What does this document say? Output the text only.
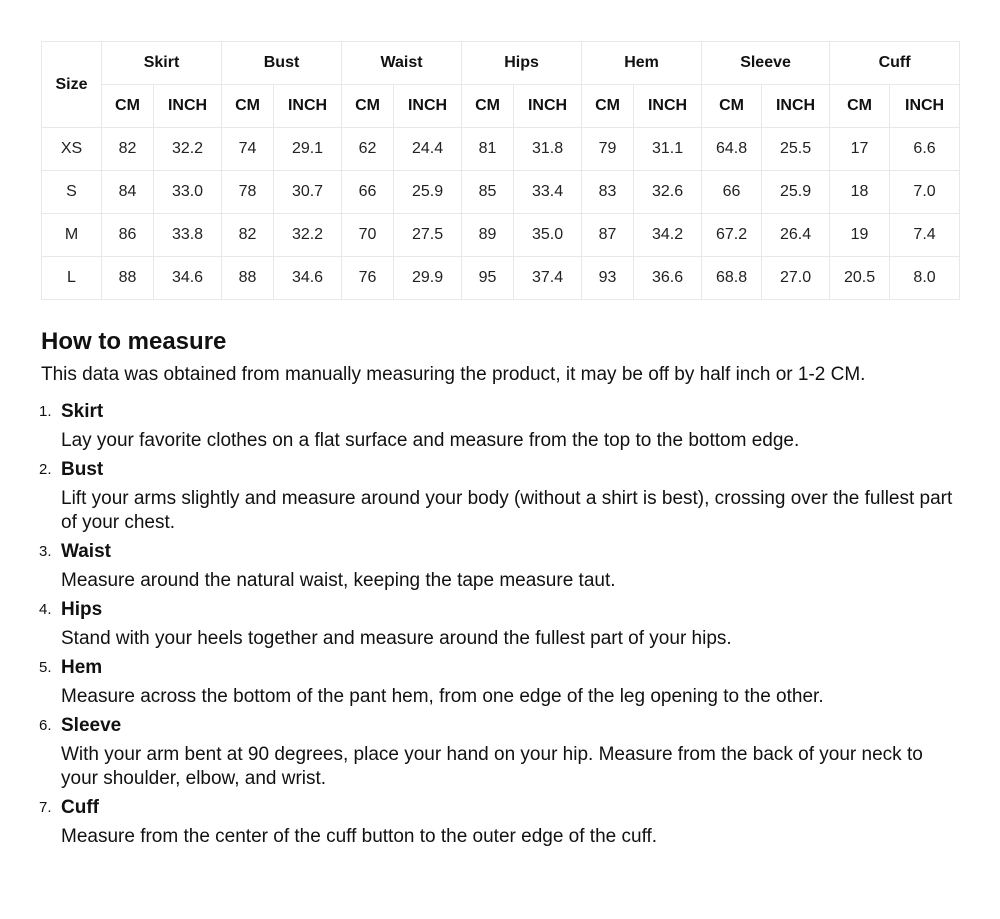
Size	Skirt		Bust		Waist		Hips		Hem		Sleeve		Cuff	
	CM	INCH	CM	INCH	CM	INCH	CM	INCH	CM	INCH	CM	INCH	CM	INCH
XS	82	32.2	74	29.1	62	24.4	81	31.8	79	31.1	64.8	25.5	17	6.6
S	84	33.0	78	30.7	66	25.9	85	33.4	83	32.6	66	25.9	18	7.0
M	86	33.8	82	32.2	70	27.5	89	35.0	87	34.2	67.2	26.4	19	7.4
L	88	34.6	88	34.6	76	29.9	95	37.4	93	36.6	68.8	27.0	20.5	8.0
How to measure
This data was obtained from manually measuring the product, it may be off by half inch or 1-2 CM.
1. Skirt
Lay your favorite clothes on a flat surface and measure from the top to the bottom edge.
2. Bust
Lift your arms slightly and measure around your body (without a shirt is best), crossing over the fullest part of your chest.
3. Waist
Measure around the natural waist, keeping the tape measure taut.
4. Hips
Stand with your heels together and measure around the fullest part of your hips.
5. Hem
Measure across the bottom of the pant hem, from one edge of the leg opening to the other.
6. Sleeve
With your arm bent at 90 degrees, place your hand on your hip. Measure from the back of your neck to your shoulder, elbow, and wrist.
7. Cuff
Measure from the center of the cuff button to the outer edge of the cuff.
